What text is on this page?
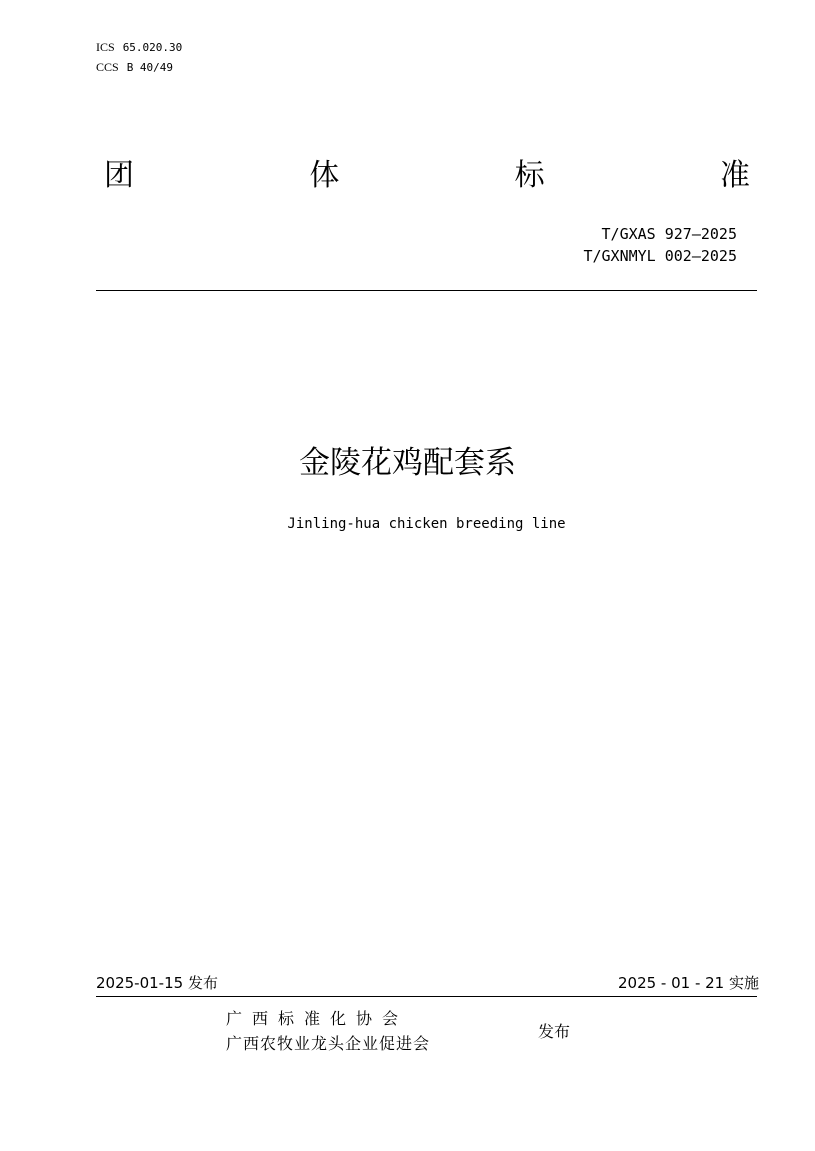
ICS 65.020.30
CCS B 40/49
团	体	标	准
T/GXAS 927—2025
T/GXNMYL 002—2025
金陵花鸡配套系
Jinling-hua chicken breeding line
2025-01-15 发布	2025 - 01 - 21 实施
广西标准化协会
广西农牧业龙头企业促进会
发布
